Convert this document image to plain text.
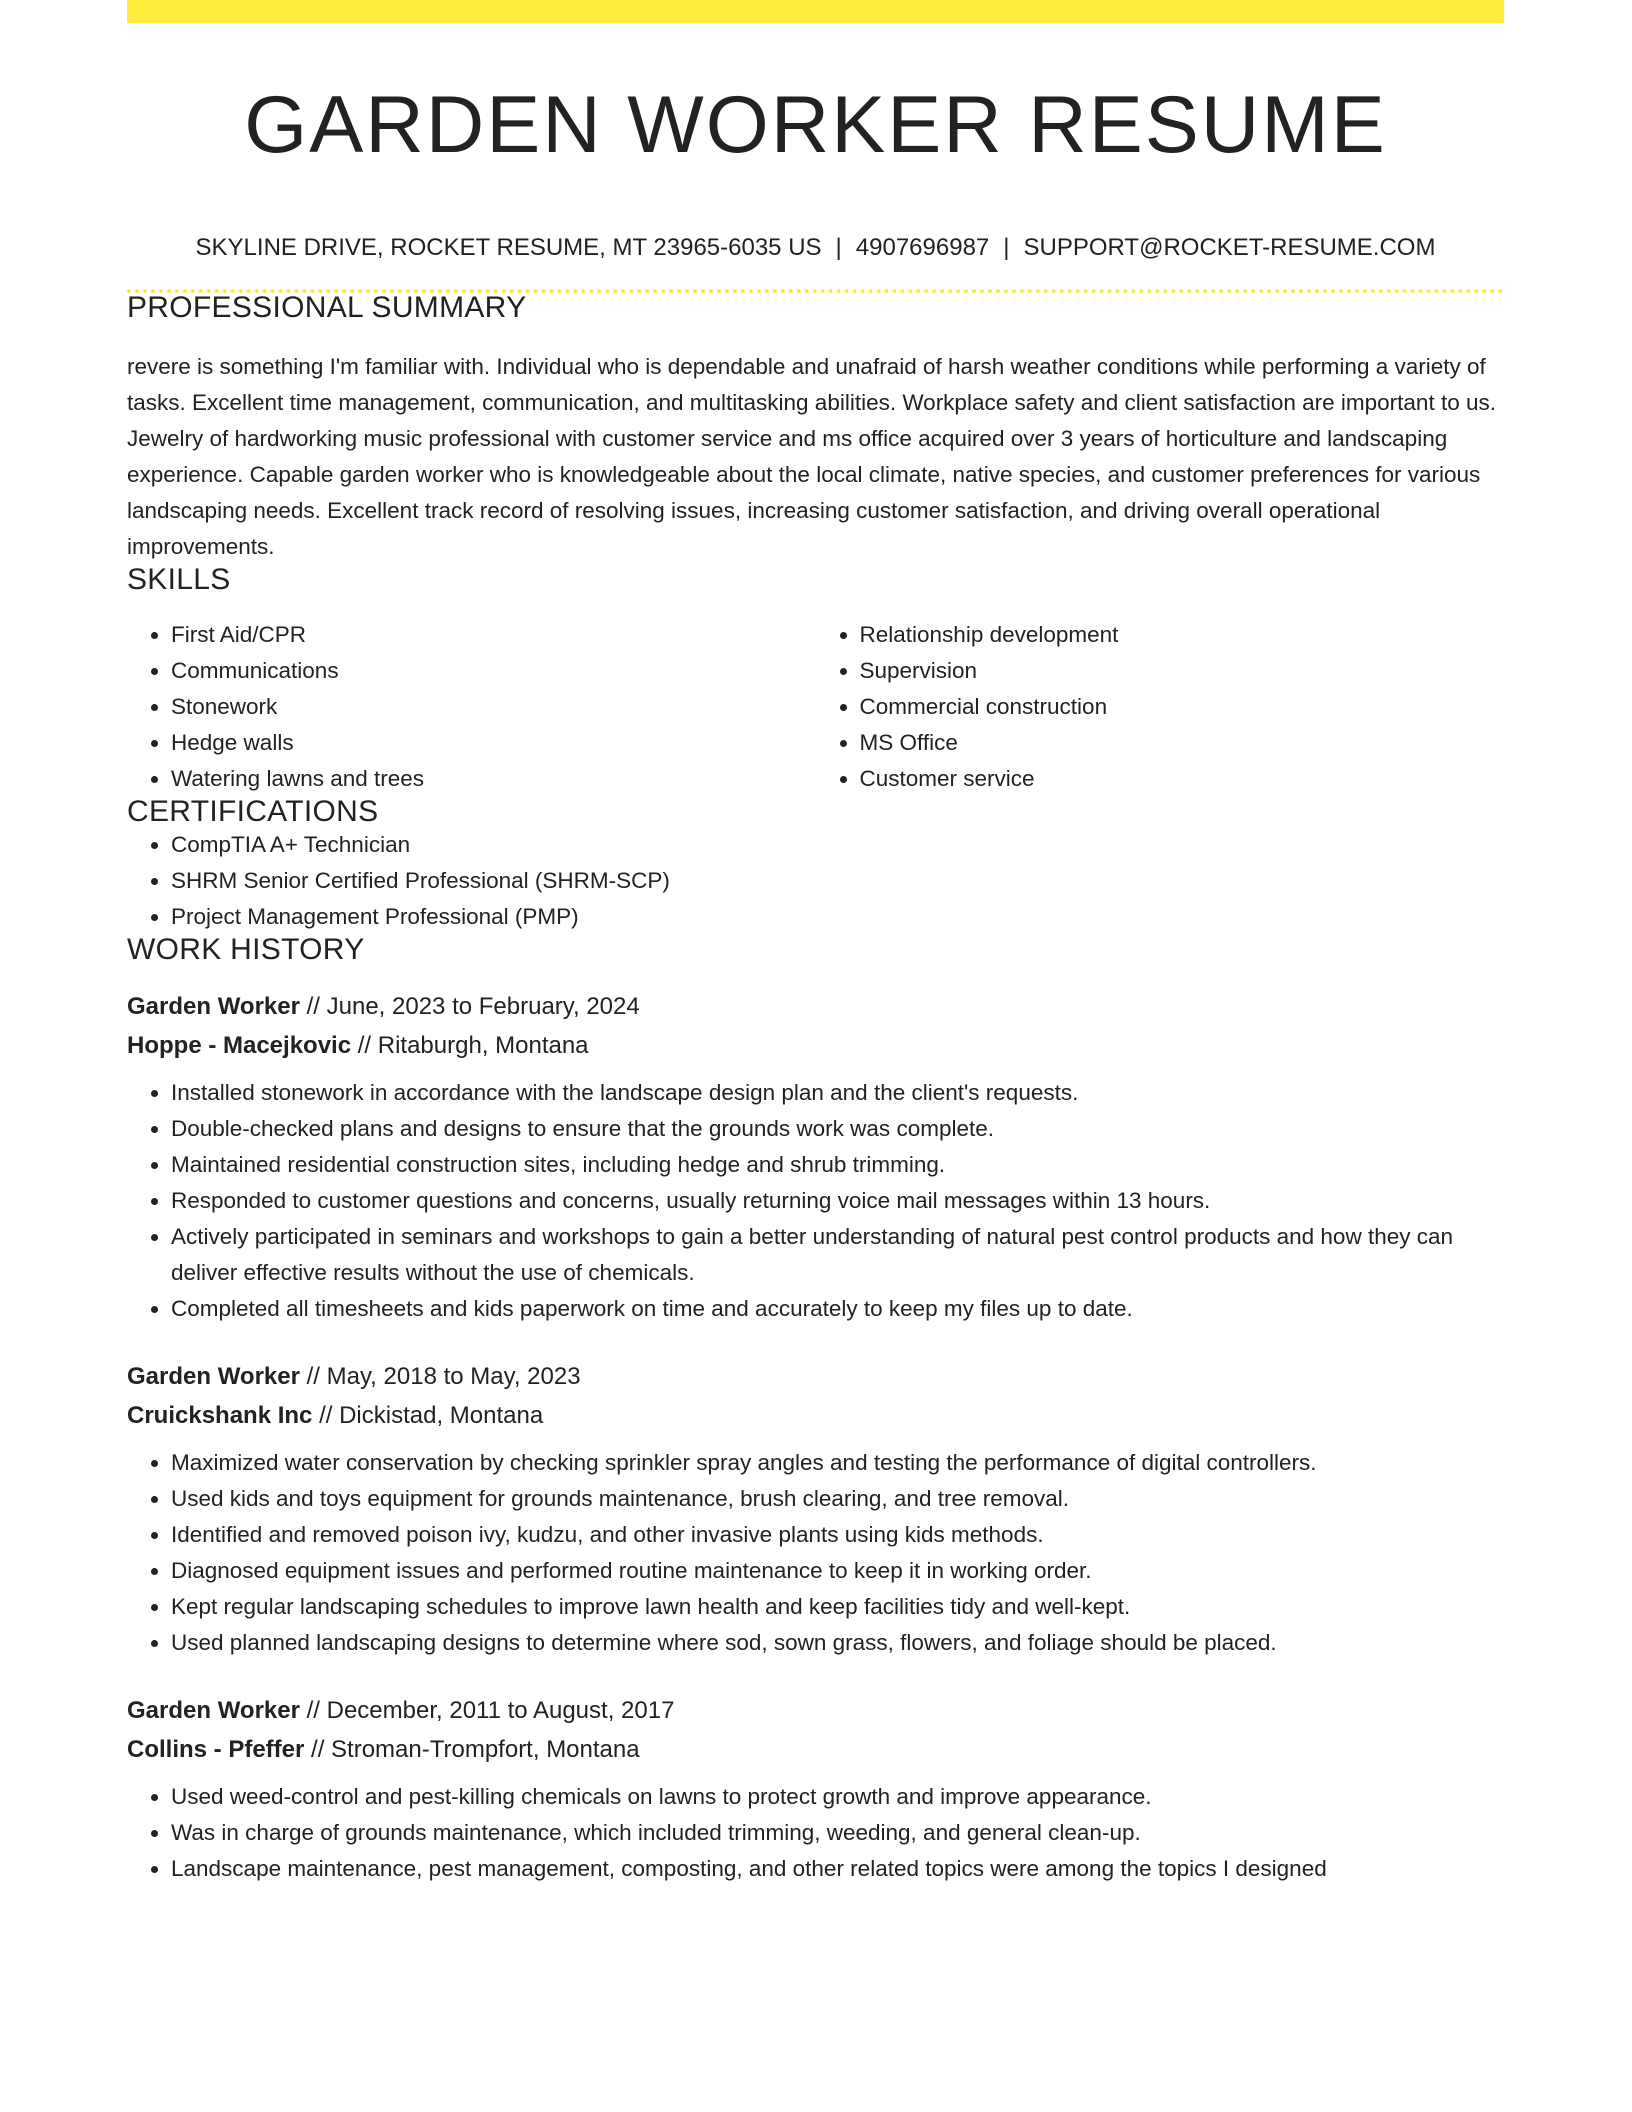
GARDEN WORKER RESUME
SKYLINE DRIVE, ROCKET RESUME, MT 23965-6035 US | 4907696987 | SUPPORT@ROCKET-RESUME.COM
PROFESSIONAL SUMMARY

revere is something I'm familiar with. Individual who is dependable and unafraid of harsh weather conditions while performing a variety of tasks. Excellent time management, communication, and multitasking abilities. Workplace safety and client satisfaction are important to us. Jewelry of hardworking music professional with customer service and ms office acquired over 3 years of horticulture and landscaping experience. Capable garden worker who is knowledgeable about the local climate, native species, and customer preferences for various landscaping needs. Excellent track record of resolving issues, increasing customer satisfaction, and driving overall operational improvements.

SKILLS
• First Aid/CPR
• Communications
• Stonework
• Hedge walls
• Watering lawns and trees
• Relationship development
• Supervision
• Commercial construction
• MS Office
• Customer service
CERTIFICATIONS
• CompTIA A+ Technician
• SHRM Senior Certified Professional (SHRM-SCP)
• Project Management Professional (PMP)
WORK HISTORY
Garden Worker // June, 2023 to February, 2024
Hoppe - Macejkovic // Ritaburgh, Montana
• Installed stonework in accordance with the landscape design plan and the client's requests.
• Double-checked plans and designs to ensure that the grounds work was complete.
• Maintained residential construction sites, including hedge and shrub trimming.
• Responded to customer questions and concerns, usually returning voice mail messages within 13 hours.
• Actively participated in seminars and workshops to gain a better understanding of natural pest control products and how they can deliver effective results without the use of chemicals.
• Completed all timesheets and kids paperwork on time and accurately to keep my files up to date.
Garden Worker // May, 2018 to May, 2023
Cruickshank Inc // Dickistad, Montana
• Maximized water conservation by checking sprinkler spray angles and testing the performance of digital controllers.
• Used kids and toys equipment for grounds maintenance, brush clearing, and tree removal.
• Identified and removed poison ivy, kudzu, and other invasive plants using kids methods.
• Diagnosed equipment issues and performed routine maintenance to keep it in working order.
• Kept regular landscaping schedules to improve lawn health and keep facilities tidy and well-kept.
• Used planned landscaping designs to determine where sod, sown grass, flowers, and foliage should be placed.
Garden Worker // December, 2011 to August, 2017
Collins - Pfeffer // Stroman-Trompfort, Montana
• Used weed-control and pest-killing chemicals on lawns to protect growth and improve appearance.
• Was in charge of grounds maintenance, which included trimming, weeding, and general clean-up.
• Landscape maintenance, pest management, composting, and other related topics were among the topics I designed
